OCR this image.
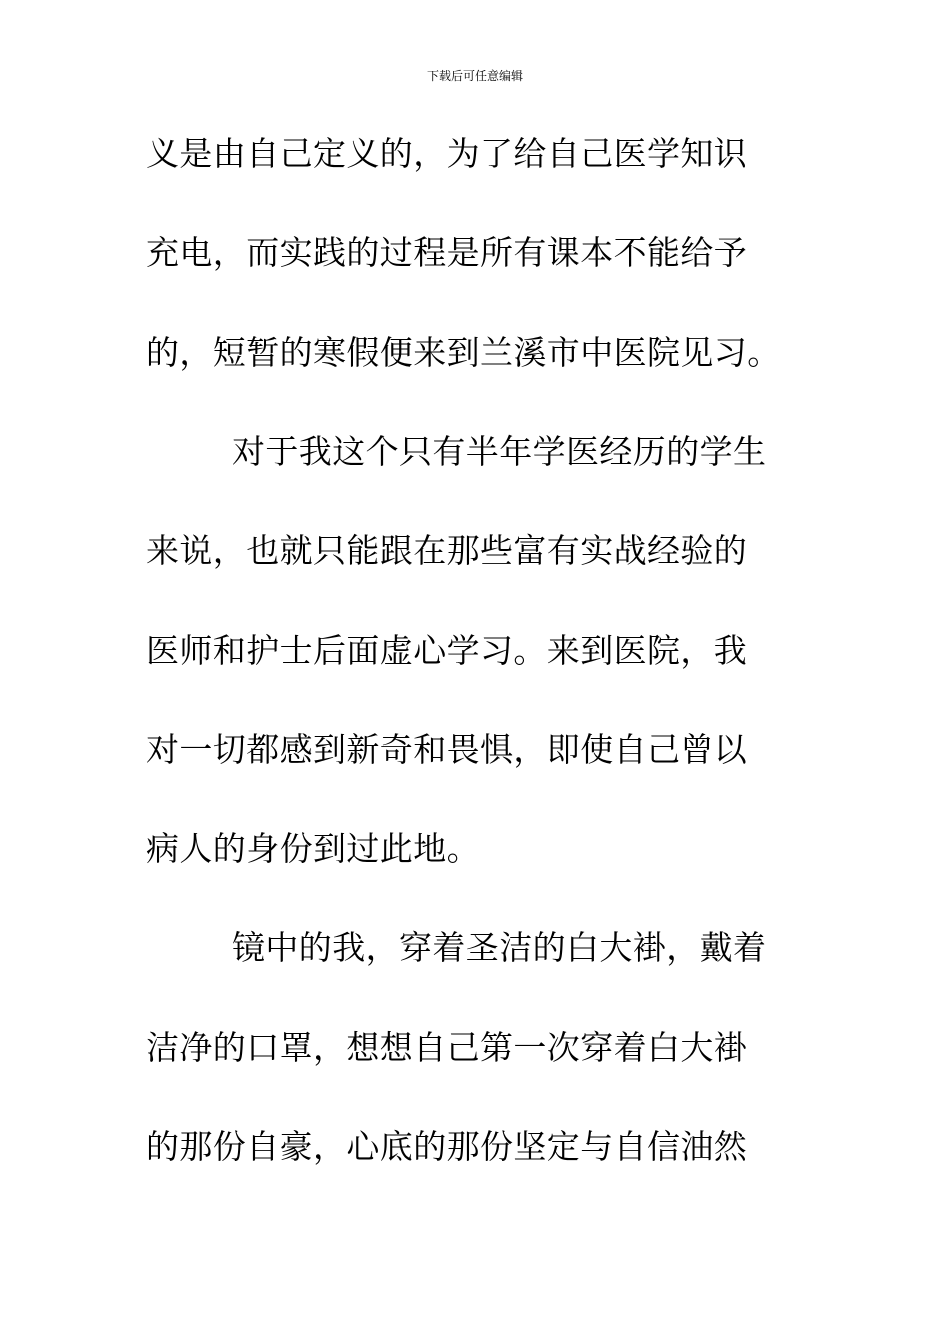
下载后可任意编辑
义是由自己定义的，为了给自己医学知识
充电，而实践的过程是所有课本不能给予
的，短暂的寒假便来到兰溪市中医院见习。
对于我这个只有半年学医经历的学生
来说，也就只能跟在那些富有实战经验的
医师和护士后面虚心学习。来到医院，我
对一切都感到新奇和畏惧，即使自己曾以
病人的身份到过此地。
镜中的我，穿着圣洁的白大褂，戴着
洁净的口罩，想想自己第一次穿着白大褂
的那份自豪，心底的那份坚定与自信油然
